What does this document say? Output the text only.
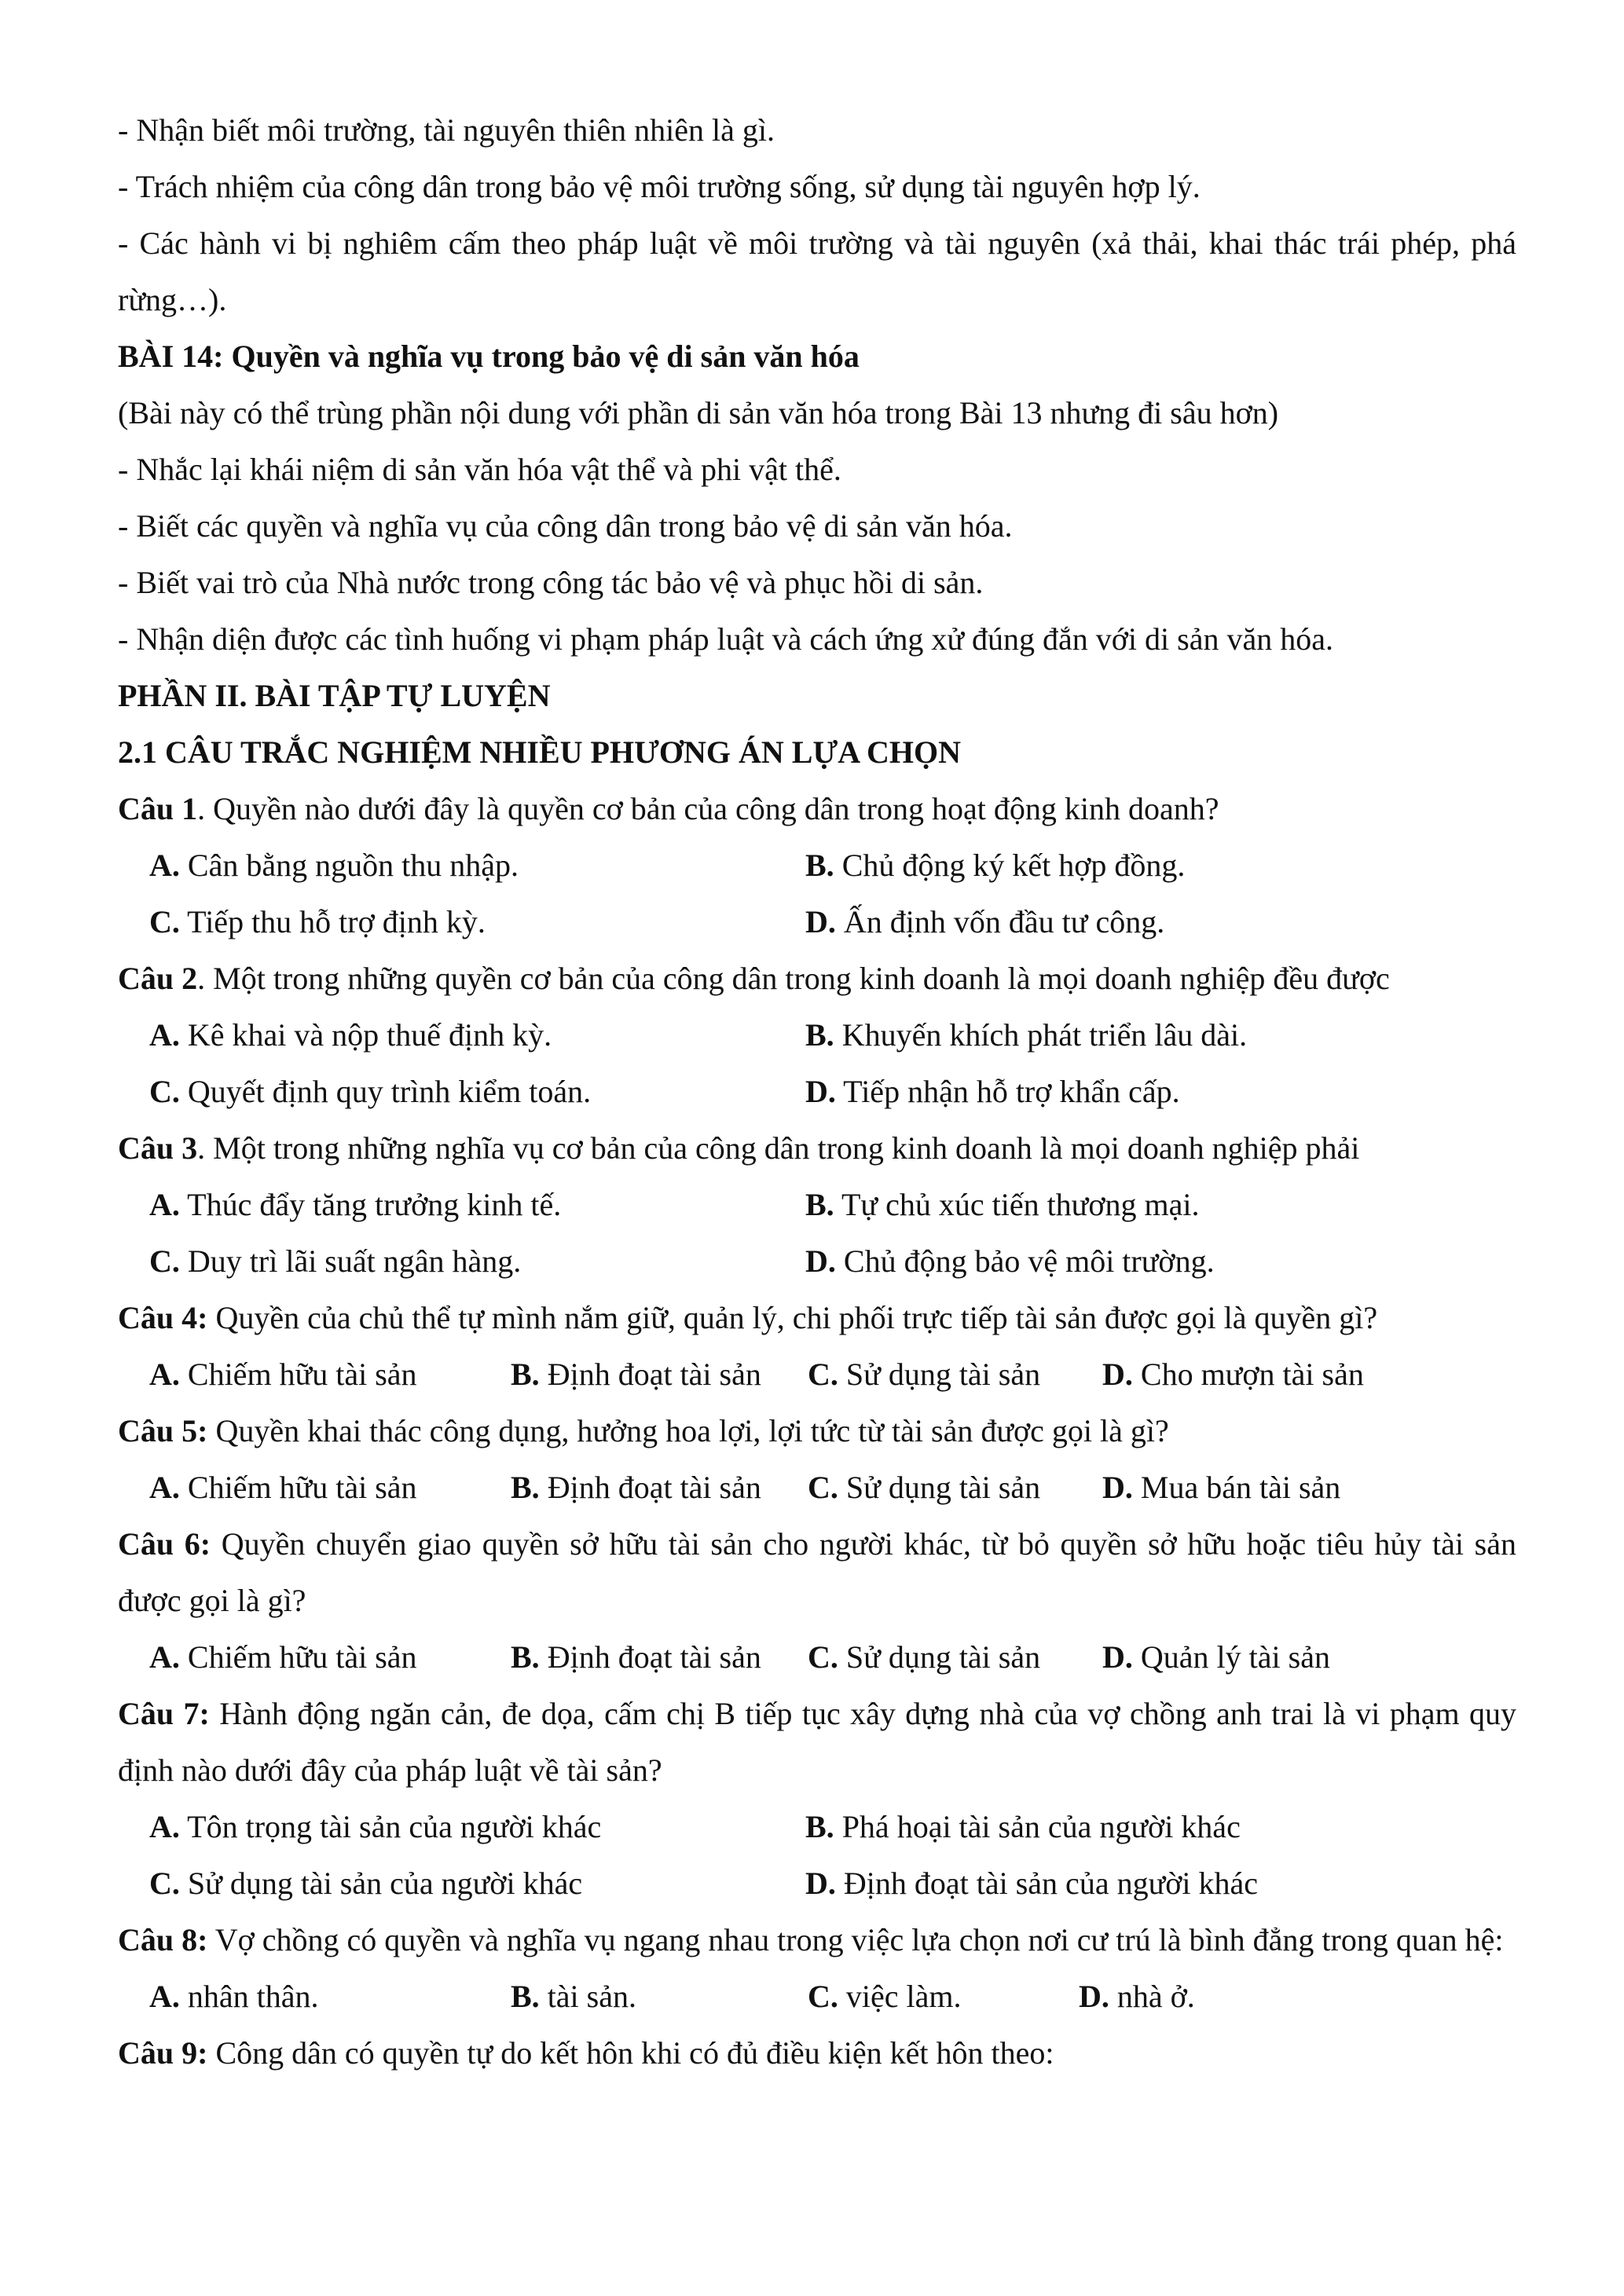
- Nhận biết môi trường, tài nguyên thiên nhiên là gì.

- Trách nhiệm của công dân trong bảo vệ môi trường sống, sử dụng tài nguyên hợp lý.

- Các hành vi bị nghiêm cấm theo pháp luật về môi trường và tài nguyên (xả thải, khai thác trái phép, phá rừng…).

BÀI 14: Quyền và nghĩa vụ trong bảo vệ di sản văn hóa

(Bài này có thể trùng phần nội dung với phần di sản văn hóa trong Bài 13 nhưng đi sâu hơn)

- Nhắc lại khái niệm di sản văn hóa vật thể và phi vật thể.

- Biết các quyền và nghĩa vụ của công dân trong bảo vệ di sản văn hóa.

- Biết vai trò của Nhà nước trong công tác bảo vệ và phục hồi di sản.

- Nhận diện được các tình huống vi phạm pháp luật và cách ứng xử đúng đắn với di sản văn hóa.

PHẦN II. BÀI TẬP TỰ LUYỆN

2.1 CÂU TRẮC NGHIỆM NHIỀU PHƯƠNG ÁN LỰA CHỌN

Câu 1. Quyền nào dưới đây là quyền cơ bản của công dân trong hoạt động kinh doanh?

A. Cân bằng nguồn thu nhập.	B. Chủ động ký kết hợp đồng.
C. Tiếp thu hỗ trợ định kỳ.	D. Ấn định vốn đầu tư công.

Câu 2. Một trong những quyền cơ bản của công dân trong kinh doanh là mọi doanh nghiệp đều được

A. Kê khai và nộp thuế định kỳ.	B. Khuyến khích phát triển lâu dài.
C. Quyết định quy trình kiểm toán.	D. Tiếp nhận hỗ trợ khẩn cấp.

Câu 3. Một trong những nghĩa vụ cơ bản của công dân trong kinh doanh là mọi doanh nghiệp phải

A. Thúc đẩy tăng trưởng kinh tế.	B. Tự chủ xúc tiến thương mại.
C. Duy trì lãi suất ngân hàng.	D. Chủ động bảo vệ môi trường.

Câu 4: Quyền của chủ thể tự mình nắm giữ, quản lý, chi phối trực tiếp tài sản được gọi là quyền gì?

A. Chiếm hữu tài sản	B. Định đoạt tài sản	C. Sử dụng tài sản	D. Cho mượn tài sản

Câu 5: Quyền khai thác công dụng, hưởng hoa lợi, lợi tức từ tài sản được gọi là gì?

A. Chiếm hữu tài sản	B. Định đoạt tài sản	C. Sử dụng tài sản	D. Mua bán tài sản

Câu 6: Quyền chuyển giao quyền sở hữu tài sản cho người khác, từ bỏ quyền sở hữu hoặc tiêu hủy tài sản được gọi là gì?

A. Chiếm hữu tài sản	B. Định đoạt tài sản	C. Sử dụng tài sản	D. Quản lý tài sản

Câu 7: Hành động ngăn cản, đe dọa, cấm chị B tiếp tục xây dựng nhà của vợ chồng anh trai là vi phạm quy định nào dưới đây của pháp luật về tài sản?

A. Tôn trọng tài sản của người khác	B. Phá hoại tài sản của người khác
C. Sử dụng tài sản của người khác	D. Định đoạt tài sản của người khác

Câu 8: Vợ chồng có quyền và nghĩa vụ ngang nhau trong việc lựa chọn nơi cư trú là bình đẳng trong quan hệ:

A. nhân thân.	B. tài sản.	C. việc làm.	D. nhà ở.

Câu 9: Công dân có quyền tự do kết hôn khi có đủ điều kiện kết hôn theo:
